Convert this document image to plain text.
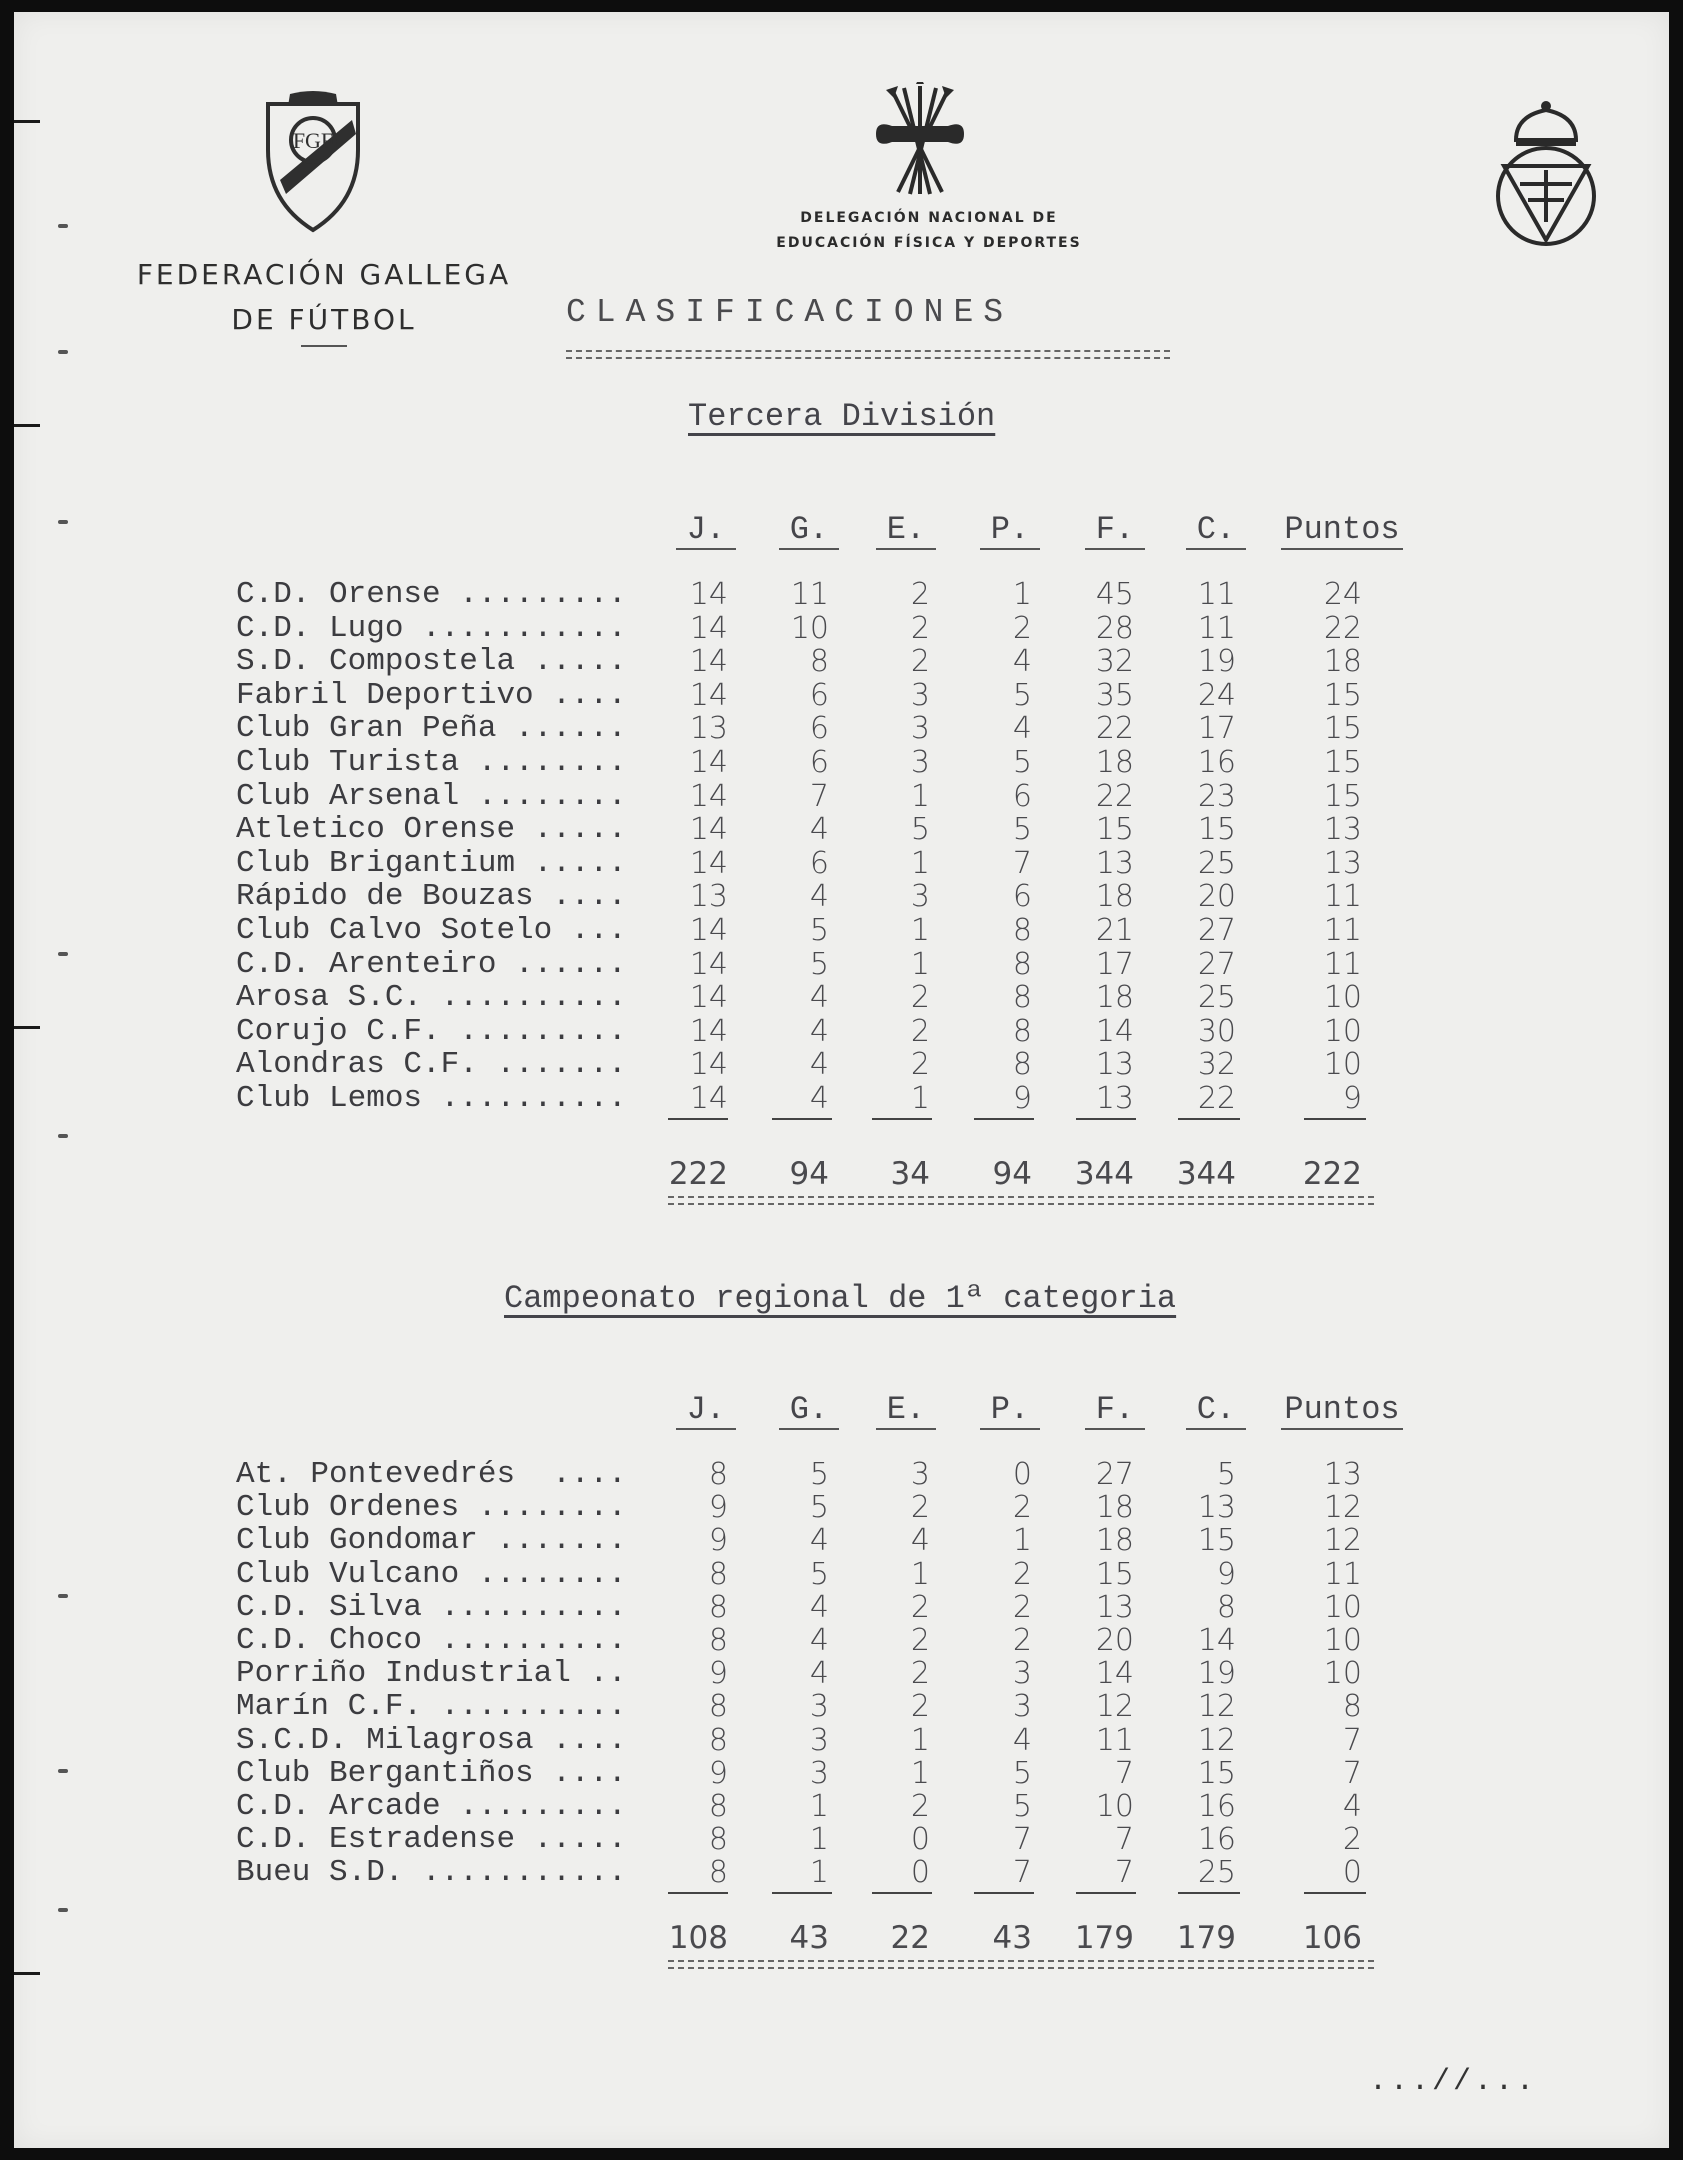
FGF
FEDERACIÓN GALLEGA
DE FÚTBOL
DELEGACIÓN NACIONAL DE
EDUCACIÓN FÍSICA Y DEPORTES
CLASIFICACIONES
Tercera División
J.	G.	E.	P.	F.	C.	Puntos
C.D. Orense .........	14	11	2	1	45	11	24
C.D. Lugo ...........	14	10	2	2	28	11	22
S.D. Compostela .....	14	8	2	4	32	19	18
Fabril Deportivo ....	14	6	3	5	35	24	15
Club Gran Peña ......	13	6	3	4	22	17	15
Club Turista ........	14	6	3	5	18	16	15
Club Arsenal ........	14	7	1	6	22	23	15
Atletico Orense .....	14	4	5	5	15	15	13
Club Brigantium .....	14	6	1	7	13	25	13
Rápido de Bouzas ....	13	4	3	6	18	20	11
Club Calvo Sotelo ...	14	5	1	8	21	27	11
C.D. Arenteiro ......	14	5	1	8	17	27	11
Arosa S.C. ..........	14	4	2	8	18	25	10
Corujo C.F. .........	14	4	2	8	14	30	10
Alondras C.F. .......	14	4	2	8	13	32	10
Club Lemos ..........	14	4	1	9	13	22	9
222	94	34	94	344	344	222
Campeonato regional de 1ª categoria
J.	G.	E.	P.	F.	C.	Puntos
At. Pontevedrés  ....	8	5	3	0	27	5	13
Club Ordenes ........	9	5	2	2	18	13	12
Club Gondomar .......	9	4	4	1	18	15	12
Club Vulcano ........	8	5	1	2	15	9	11
C.D. Silva ..........	8	4	2	2	13	8	10
C.D. Choco ..........	8	4	2	2	20	14	10
Porriño Industrial ..	9	4	2	3	14	19	10
Marín C.F. ..........	8	3	2	3	12	12	8
S.C.D. Milagrosa ....	8	3	1	4	11	12	7
Club Bergantiños ....	9	3	1	5	7	15	7
C.D. Arcade .........	8	1	2	5	10	16	4
C.D. Estradense .....	8	1	0	7	7	16	2
Bueu S.D. ...........	8	1	0	7	7	25	0
108	43	22	43	179	179	106
...//...
